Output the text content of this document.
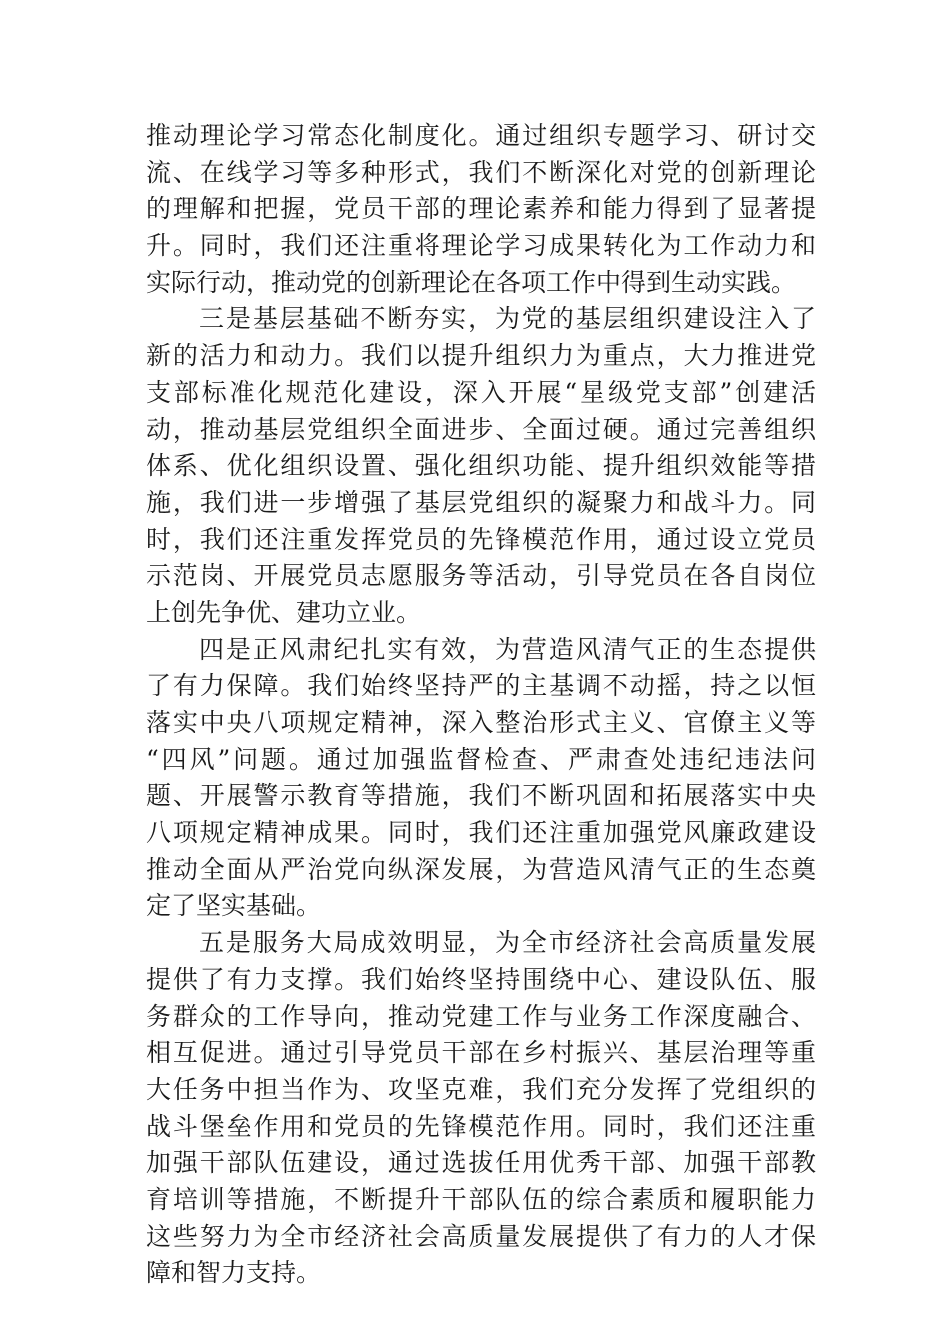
推动理论学习常态化制度化。通过组织专题学习、研讨交
流、在线学习等多种形式，我们不断深化对党的创新理论
的理解和把握，党员干部的理论素养和能力得到了显著提
升。同时，我们还注重将理论学习成果转化为工作动力和
实际行动，推动党的创新理论在各项工作中得到生动实践。
三是基层基础不断夯实，为党的基层组织建设注入了
新的活力和动力。我们以提升组织力为重点，大力推进党
支部标准化规范化建设，深入开展“星级党支部”创建活
动，推动基层党组织全面进步、全面过硬。通过完善组织
体系、优化组织设置、强化组织功能、提升组织效能等措
施，我们进一步增强了基层党组织的凝聚力和战斗力。同
时，我们还注重发挥党员的先锋模范作用，通过设立党员
示范岗、开展党员志愿服务等活动，引导党员在各自岗位
上创先争优、建功立业。
四是正风肃纪扎实有效，为营造风清气正的生态提供
了有力保障。我们始终坚持严的主基调不动摇，持之以恒
落实中央八项规定精神，深入整治形式主义、官僚主义等
“四风”问题。通过加强监督检查、严肃查处违纪违法问
题、开展警示教育等措施，我们不断巩固和拓展落实中央
八项规定精神成果。同时，我们还注重加强党风廉政建设
推动全面从严治党向纵深发展，为营造风清气正的生态奠
定了坚实基础。
五是服务大局成效明显，为全市经济社会高质量发展
提供了有力支撑。我们始终坚持围绕中心、建设队伍、服
务群众的工作导向，推动党建工作与业务工作深度融合、
相互促进。通过引导党员干部在乡村振兴、基层治理等重
大任务中担当作为、攻坚克难，我们充分发挥了党组织的
战斗堡垒作用和党员的先锋模范作用。同时，我们还注重
加强干部队伍建设，通过选拔任用优秀干部、加强干部教
育培训等措施，不断提升干部队伍的综合素质和履职能力
这些努力为全市经济社会高质量发展提供了有力的人才保
障和智力支持。
